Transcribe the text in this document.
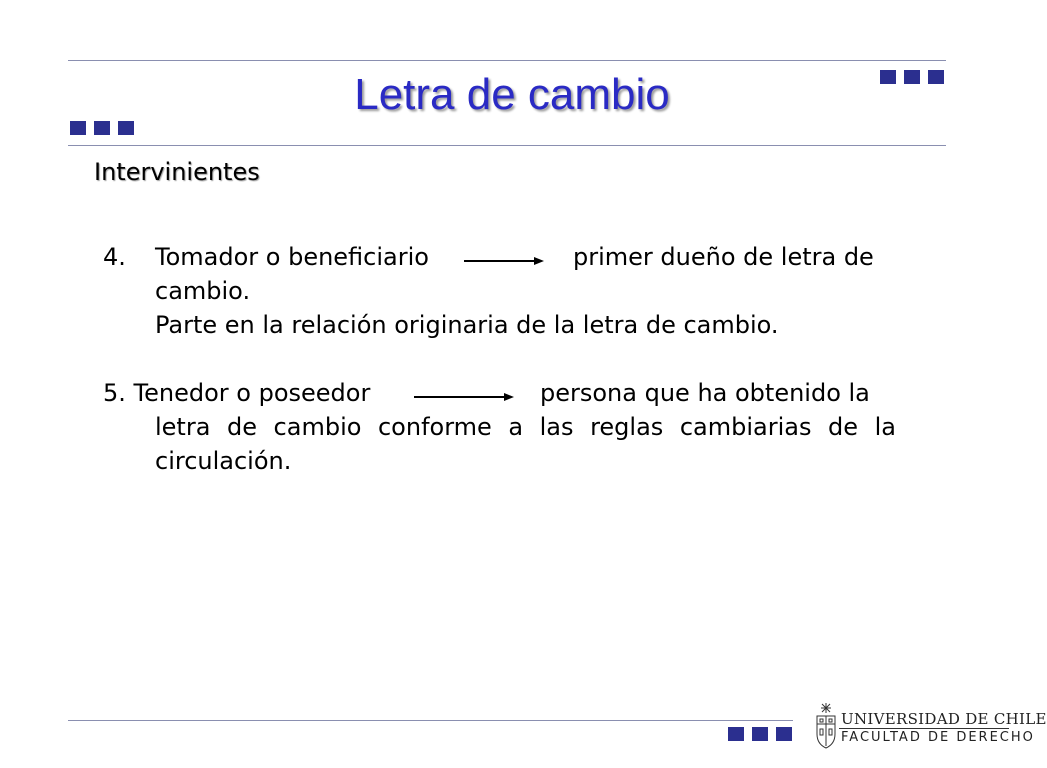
Letra de cambio
Intervinientes
4. Tomador o beneficiario	primer dueño de letra de
cambio.
Parte en la relación originaria de la letra de cambio.
5. Tenedor o poseedor	persona que ha obtenido la
letra de cambio conforme a las reglas cambiarias de la
circulación.
UNIVERSIDAD DE CHILE
FACULTAD DE DERECHO
